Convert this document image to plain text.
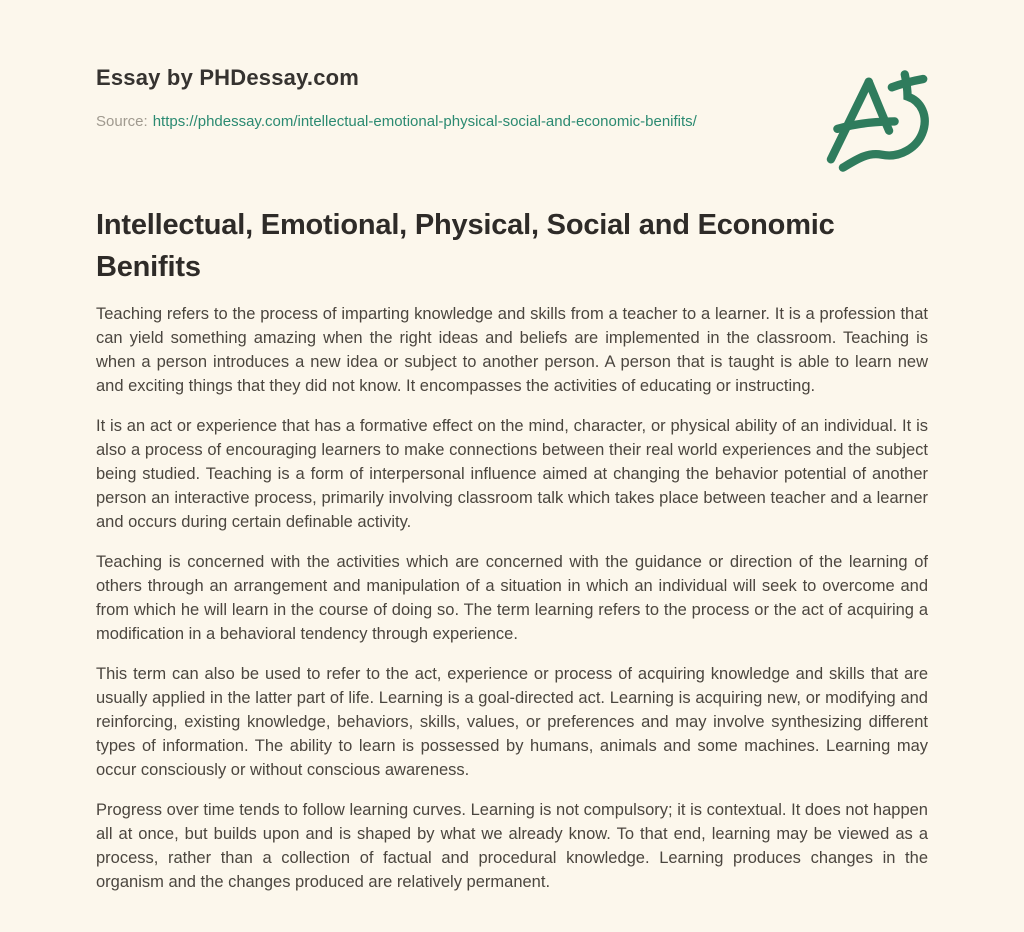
Essay by PHDessay.com

Source: https://phdessay.com/intellectual-emotional-physical-social-and-economic-benifits/

Intellectual, Emotional, Physical, Social and Economic Benifits

Teaching refers to the process of imparting knowledge and skills from a teacher to a learner. It is a profession that can yield something amazing when the right ideas and beliefs are implemented in the classroom. Teaching is when a person introduces a new idea or subject to another person. A person that is taught is able to learn new and exciting things that they did not know. It encompasses the activities of educating or instructing.

It is an act or experience that has a formative effect on the mind, character, or physical ability of an individual. It is also a process of encouraging learners to make connections between their real world experiences and the subject being studied. Teaching is a form of interpersonal influence aimed at changing the behavior potential of another person an interactive process, primarily involving classroom talk which takes place between teacher and a learner and occurs during certain definable activity.

Teaching is concerned with the activities which are concerned with the guidance or direction of the learning of others through an arrangement and manipulation of a situation in which an individual will seek to overcome and from which he will learn in the course of doing so. The term learning refers to the process or the act of acquiring a modification in a behavioral tendency through experience.

This term can also be used to refer to the act, experience or process of acquiring knowledge and skills that are usually applied in the latter part of life. Learning is a goal-directed act. Learning is acquiring new, or modifying and reinforcing, existing knowledge, behaviors, skills, values, or preferences and may involve synthesizing different types of information. The ability to learn is possessed by humans, animals and some machines. Learning may occur consciously or without conscious awareness.

Progress over time tends to follow learning curves. Learning is not compulsory; it is contextual. It does not happen all at once, but builds upon and is shaped by what we already know. To that end, learning may be viewed as a process, rather than a collection of factual and procedural knowledge. Learning produces changes in the organism and the changes produced are relatively permanent.
